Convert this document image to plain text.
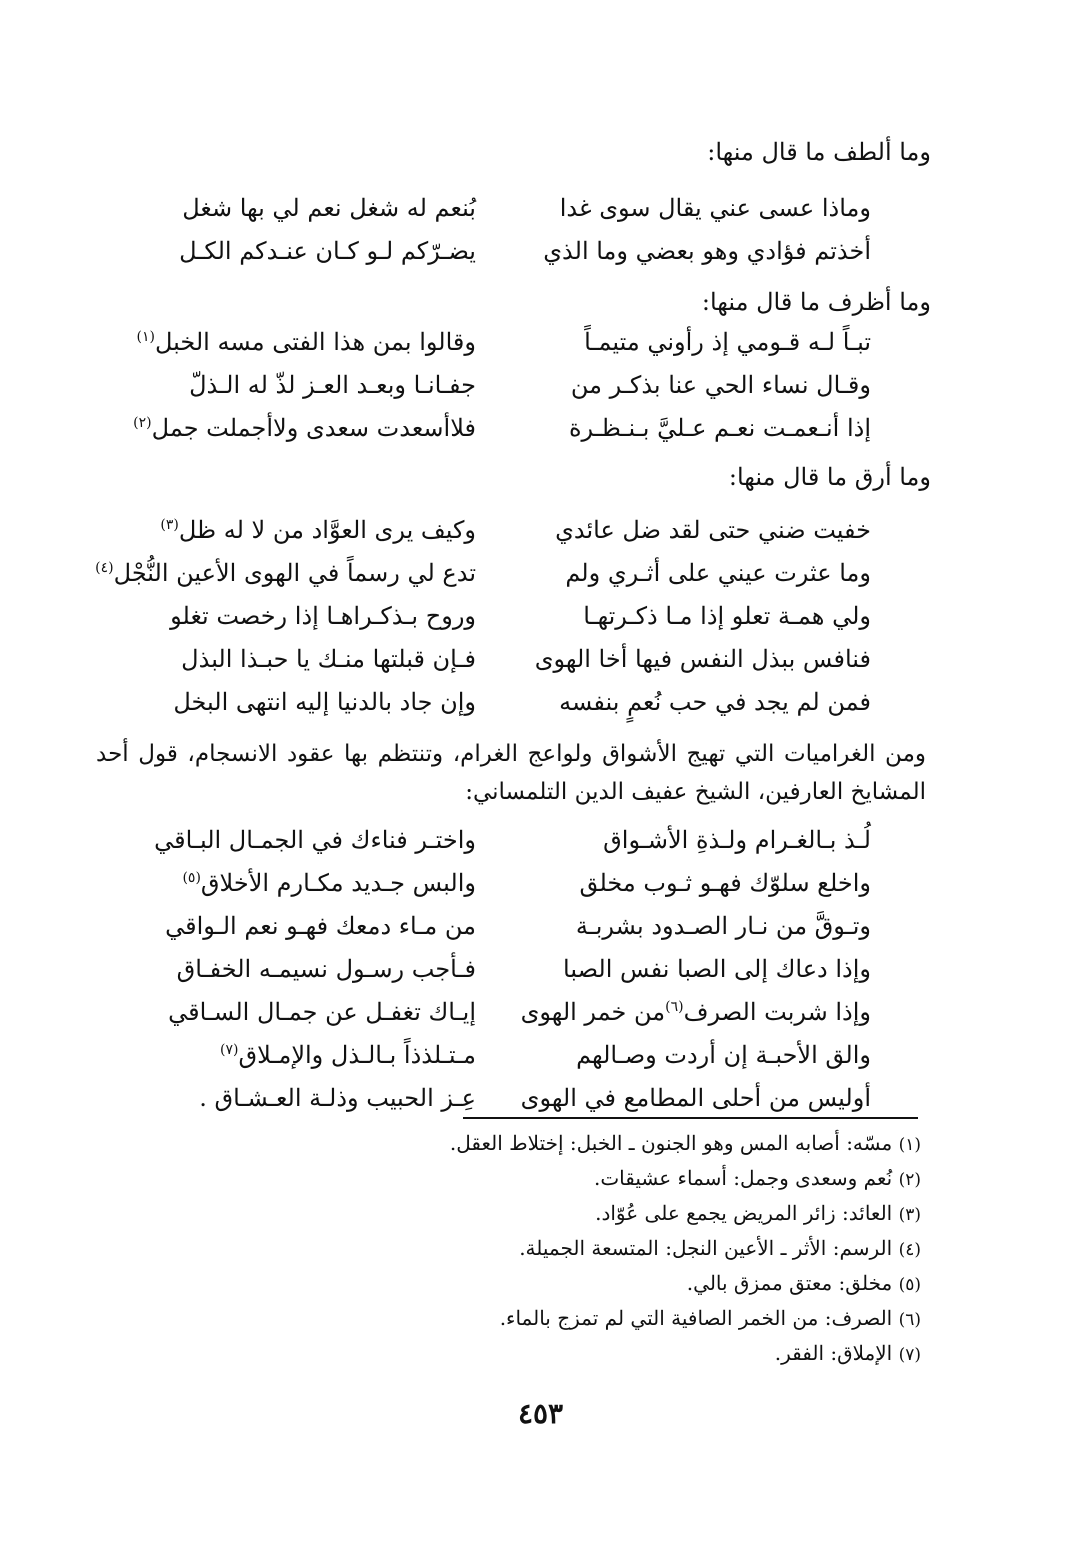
وما ألطف ما قال منها:
وماذا عسى عني يقال سوى غدا
بُنعم له شغل نعم لي بها شغل
أخذتم فؤادي وهو بعضي وما الذي
يضـرّكم لـو كـان عنـدكم الكـل
وما أظرف ما قال منها:
تبـاً لـه قـومي إذ رأوني متيمـاً
وقالوا بمن هذا الفتى مسه الخبل$^{(١)}$
وقـال نساء الحي عنا بذكـر من
جفـانـا وبعـد العـز لذّ له الـذلّ
إذا أنـعمـت نعـم عـليَّ بـنـظـرة
فلاأسعدت سعدى ولاأجملت جمل$^{(٢)}$
وما أرق ما قال منها:
خفيت ضني حتى لقد ضل عائدي
وكيف يرى العوَّاد من لا له ظل$^{(٣)}$
وما عثرت عيني على أثـري ولم
تدع لي رسماً في الهوى الأعين النُّجْل$^{(٤)}$
ولي همـة تعلو إذا مـا ذكـرتهـا
وروح بـذكـراهـا إذا رخصت تغلو
فنافس ببذل النفس فيها أخا الهوى
فـإن قبلتها منـك يا حبـذا البذل
فمن لم يجد في حب نُعمٍ بنفسه
وإن جاد بالدنيا إليه انتهى البخل
ومن الغراميات التي تهيج الأشواق ولواعج الغرام، وتنتظم بها عقود الانسجام، قول أحد المشايخ العارفين، الشيخ عفيف الدين التلمساني:
لُـذ بـالغـرام ولـذةِ الأشـواق
واختـر فناءك في الجمـال البـاقي
واخلع سلوّك فهـو ثـوب مخلق
والبس جـديد مكـارم الأخلاق$^{(٥)}$
وتـوقَّ من نـار الصـدود بشربـة
من مـاء دمعك فهـو نعم الـواقي
وإذا دعاك إلى الصبا نفس الصبا
فـأجب رسـول نسيمـه الخفـاق
وإذا شربت الصرف$^{(٦)}$من خمر الهوى
إيـاك تغفـل عن جمـال السـاقي
والق الأحبـة إن أردت وصـالهم
مـتـلذذاً بـالـذل والإمـلاق$^{(٧)}$
أوليس من أحلى المطامع في الهوى
عِـز الحبيب وذلـة العـشـاق .
(١) مسّه: أصابه المس وهو الجنون ـ الخبل: إختلاط العقل.
(٢) نُعم وسعدى وجمل: أسماء عشيقات.
(٣) العائد: زائر المريض يجمع على عُوّاد.
(٤) الرسم: الأثر ـ الأعين النجل: المتسعة الجميلة.
(٥) مخلق: معتق ممزق بالي.
(٦) الصرف: من الخمر الصافية التي لم تمزج بالماء.
(٧) الإملاق: الفقر.
٤٥٣
